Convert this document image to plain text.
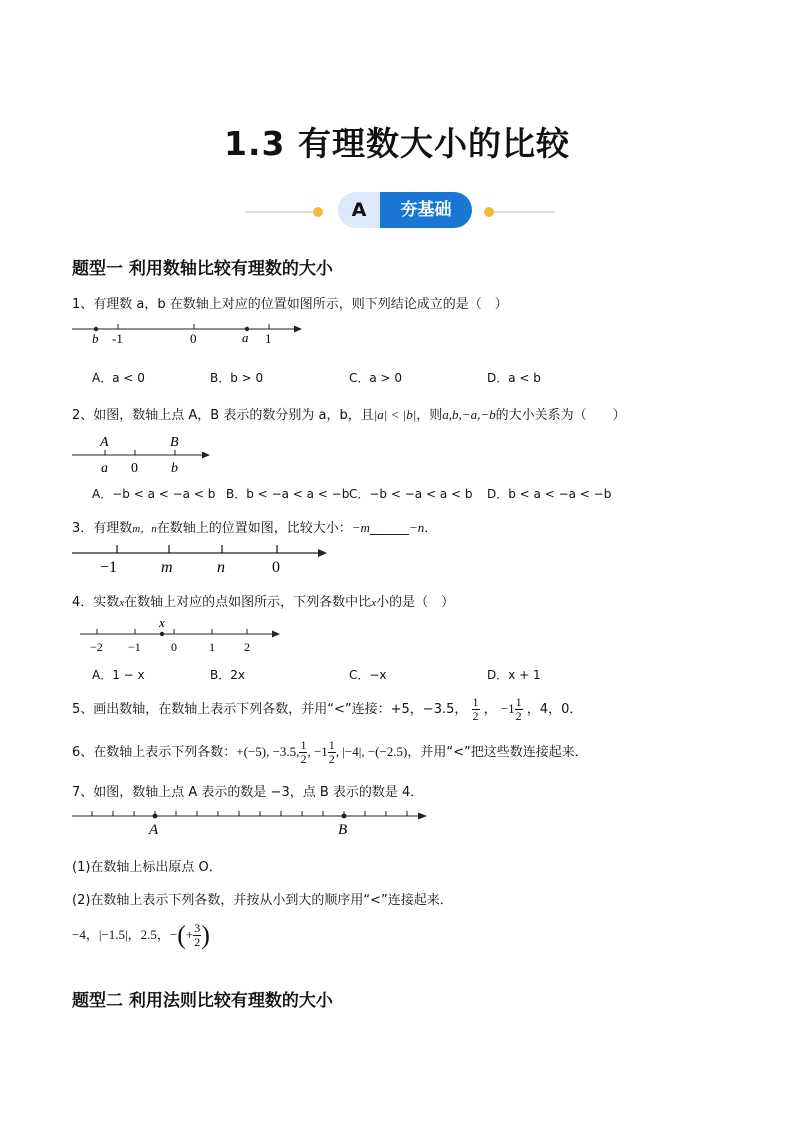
1.3 有理数大小的比较
A	夯基础
题型一 利用数轴比较有理数的大小
1、有理数 a，b 在数轴上对应的位置如图所示，则下列结论成立的是（　）
b -1	0	a 1
A．a < 0	B．b > 0	C．a > 0	D．a < b
2、如图，数轴上点 A，B 表示的数分别为 a，b，且|a| < |b|，则a,b,−a,−b的大小关系为（　　）
A	B
a 0 b
A．−b < a < −a < b B．b < −a < a < −b C．−b < −a < a < b D．b < a < −a < −b
3．有理数m，n在数轴上的位置如图，比较大小：−m______−n．
−1	m	n	0
4．实数x在数轴上对应的点如图所示，下列各数中比x小的是（　）
x
−2 −1	0	1 2
A．1 − x	B．2x	C．−x	D．x + 1
5、画出数轴，在数轴上表示下列各数，并用“<”连接：+5，−3.5， $\frac{1}{2}$ ， $-1 \frac{1}{2}$ ，4，0．
6、在数轴上表示下列各数：+(−5), −3.5, $\frac{1}{2}$ , $-1 \frac{1}{2}$ , |−4|, −(−2.5)，并用“<”把这些数连接起来．
7、如图，数轴上点 A 表示的数是 −3，点 B 表示的数是 4．
A	B
(1)在数轴上标出原点 O．
(2)在数轴上表示下列各数，并按从小到大的顺序用“<”连接起来．
−4，|−1.5|，2.5，−(+ $\frac{3}{2}$ )
题型二 利用法则比较有理数的大小
